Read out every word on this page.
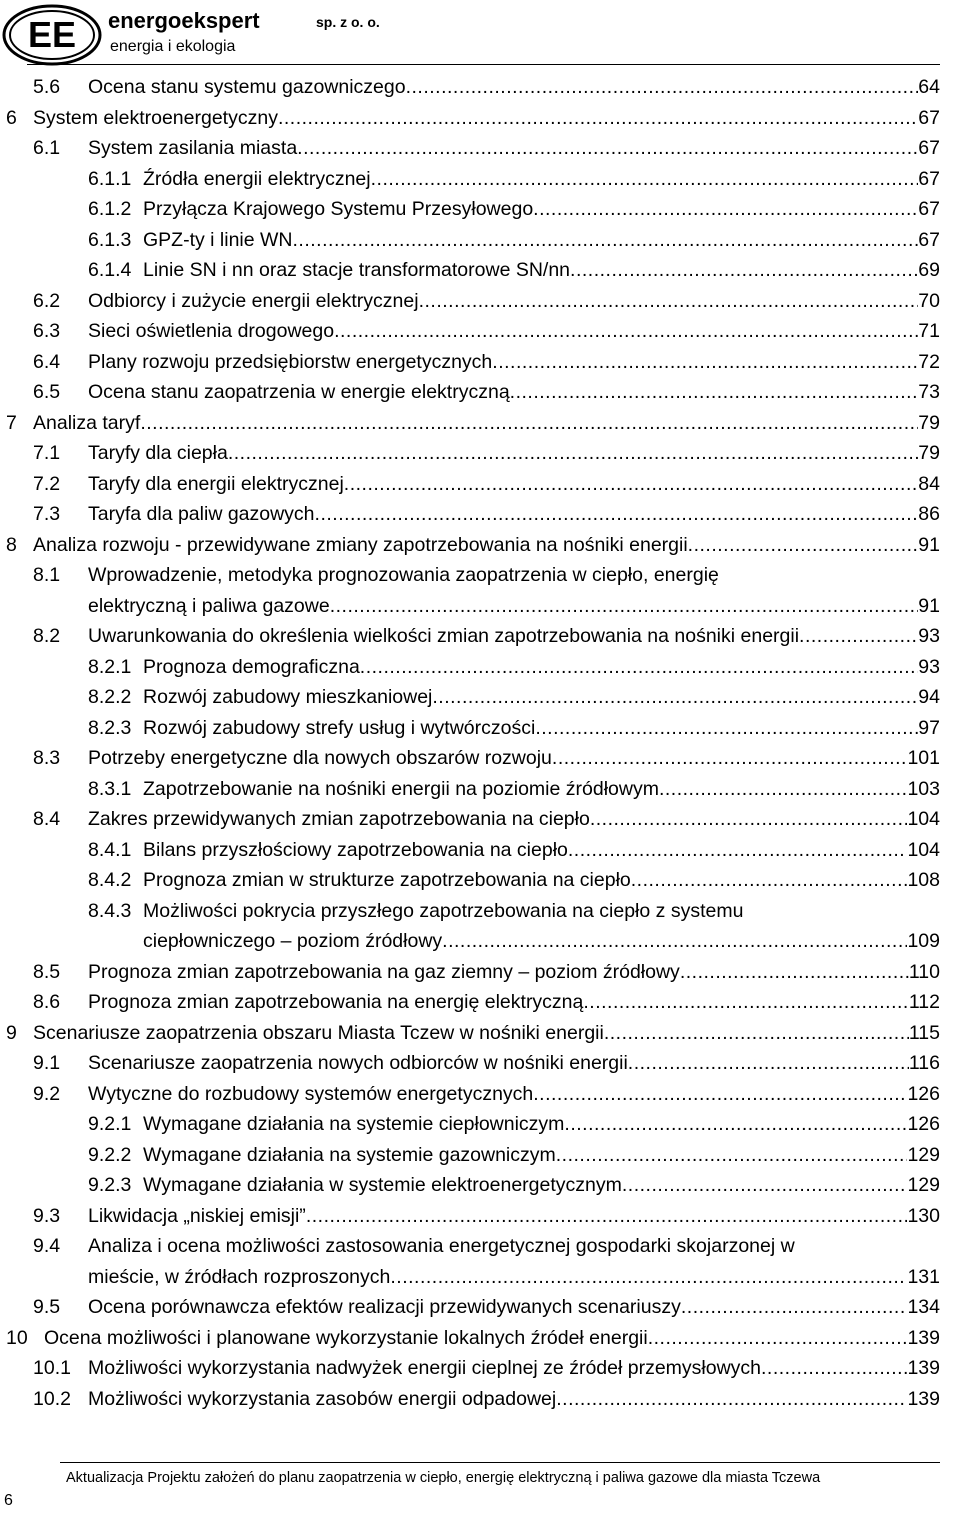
EE energoekspert	sp. z o. o.
energia i ekologia
5.6	Ocena stanu systemu gazowniczego .....	64
6 System elektroenergetyczny .....	67
6.1	System zasilania miasta .....	67
6.1.1 Źródła energii elektrycznej .....	67
6.1.2 Przyłącza Krajowego Systemu Przesyłowego .....	67
6.1.3 GPZ-ty i linie WN .....	67
6.1.4 Linie SN i nn oraz stacje transformatorowe SN/nn .....	69
6.2	Odbiorcy i zużycie energii elektrycznej .....	70
6.3	Sieci oświetlenia drogowego .....	71
6.4	Plany rozwoju przedsiębiorstw energetycznych .....	72
6.5	Ocena stanu zaopatrzenia w energie elektryczną .....	73
7 Analiza taryf .....	79
7.1	Taryfy dla ciepła .....	79
7.2	Taryfy dla energii elektrycznej .....	84
7.3	Taryfa dla paliw gazowych .....	86
8 Analiza rozwoju - przewidywane zmiany zapotrzebowania na nośniki energii .....	91
8.1	Wprowadzenie, metodyka prognozowania zaopatrzenia w ciepło, energię
elektryczną i paliwa gazowe .....	91
8.2	Uwarunkowania do określenia wielkości zmian zapotrzebowania na nośniki energii .....	93
8.2.1 Prognoza demograficzna .....	93
8.2.2 Rozwój zabudowy mieszkaniowej .....	94
8.2.3 Rozwój zabudowy strefy usług i wytwórczości .....	97
8.3	Potrzeby energetyczne dla nowych obszarów rozwoju .....	101
8.3.1 Zapotrzebowanie na nośniki energii na poziomie źródłowym .....	103
8.4	Zakres przewidywanych zmian zapotrzebowania na ciepło .....	104
8.4.1 Bilans przyszłościowy zapotrzebowania na ciepło .....	104
8.4.2 Prognoza zmian w strukturze zapotrzebowania na ciepło .....	108
8.4.3 Możliwości pokrycia przyszłego zapotrzebowania na ciepło z systemu
ciepłowniczego – poziom źródłowy .....	109
8.5	Prognoza zmian zapotrzebowania na gaz ziemny – poziom źródłowy .....	110
8.6	Prognoza zmian zapotrzebowania na energię elektryczną .....	112
9 Scenariusze zaopatrzenia obszaru Miasta Tczew w nośniki energii .....	115
9.1	Scenariusze zaopatrzenia nowych odbiorców w nośniki energii .....	116
9.2	Wytyczne do rozbudowy systemów energetycznych .....	126
9.2.1 Wymagane działania na systemie ciepłowniczym .....	126
9.2.2 Wymagane działania na systemie gazowniczym .....	129
9.2.3 Wymagane działania w systemie elektroenergetycznym .....	129
9.3	Likwidacja „niskiej emisji” .....	130
9.4	Analiza i ocena możliwości zastosowania energetycznej gospodarki skojarzonej w
mieście, w źródłach rozproszonych .....	131
9.5	Ocena porównawcza efektów realizacji przewidywanych scenariuszy .....	134
10 Ocena możliwości i planowane wykorzystanie lokalnych źródeł energii .....	139
10.1 Możliwości wykorzystania nadwyżek energii cieplnej ze źródeł przemysłowych .....	139
10.2 Możliwości wykorzystania zasobów energii odpadowej .....	139
Aktualizacja Projektu założeń do planu zaopatrzenia w ciepło, energię elektryczną i paliwa gazowe dla miasta Tczewa
6
